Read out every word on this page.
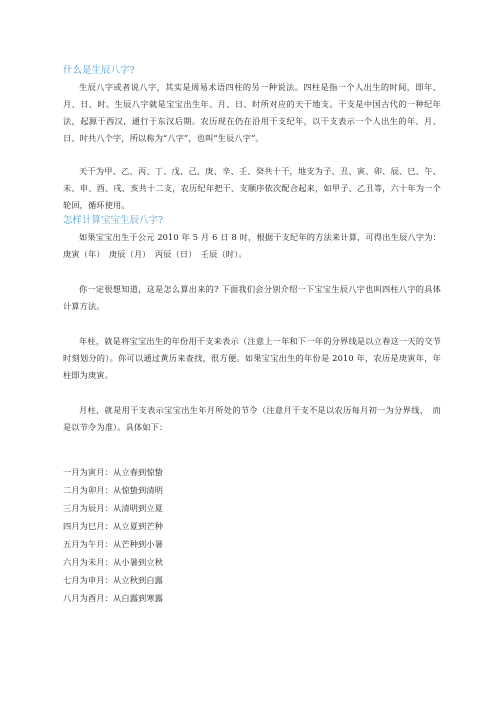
什么是生辰八字?

生辰八字或者说八字，其实是周易术语四柱的另一种说法。四柱是指一个人出生的时间，即年、月、日、时。生辰八字就是宝宝出生年、月、日、时所对应的天干地支。干支是中国古代的一种纪年法，起源于西汉，通行于东汉后期。农历现在仍在沿用干支纪年，以干支表示一个人出生的年、月、日、时共八个字，所以称为“八字”，也叫“生辰八字”。

天干为甲、乙、丙、丁、戊、己、庚、辛、壬、癸共十干，地支为子、丑、寅、卯、辰、巳、午、未、申、酉、戌、亥共十二支，农历纪年把干、支顺序依次配合起来，如甲子、乙丑等，六十年为一个轮回，循环使用。

怎样计算宝宝生辰八字?

如果宝宝出生于公元 2010 年 5 月 6 日 8 时，根据干支纪年的方法来计算，可得出生辰八字为：庚寅（年）　庚辰（月）　丙辰（日）　壬辰（时）。

你一定很想知道，这是怎么算出来的? 下面我们会分别介绍一下宝宝生辰八字也叫四柱八字的具体计算方法。

年柱，就是将宝宝出生的年份用干支来表示（注意上一年和下一年的分界线是以立春这一天的交节时刻划分的）。你可以通过黄历来查找，很方便。如果宝宝出生的年份是 2010 年，农历是庚寅年，年柱即为庚寅。

月柱，就是用干支表示宝宝出生年月所处的节令（注意月干支不是以农历每月初一为分界线，　而是以节令为准）。具体如下：

一月为寅月：从立春到惊蛰
二月为卯月：从惊蛰到清明
三月为辰月：从清明到立夏
四月为巳月：从立夏到芒种
五月为午月：从芒种到小暑
六月为未月：从小暑到立秋
七月为申月：从立秋到白露
八月为酉月：从白露到寒露
